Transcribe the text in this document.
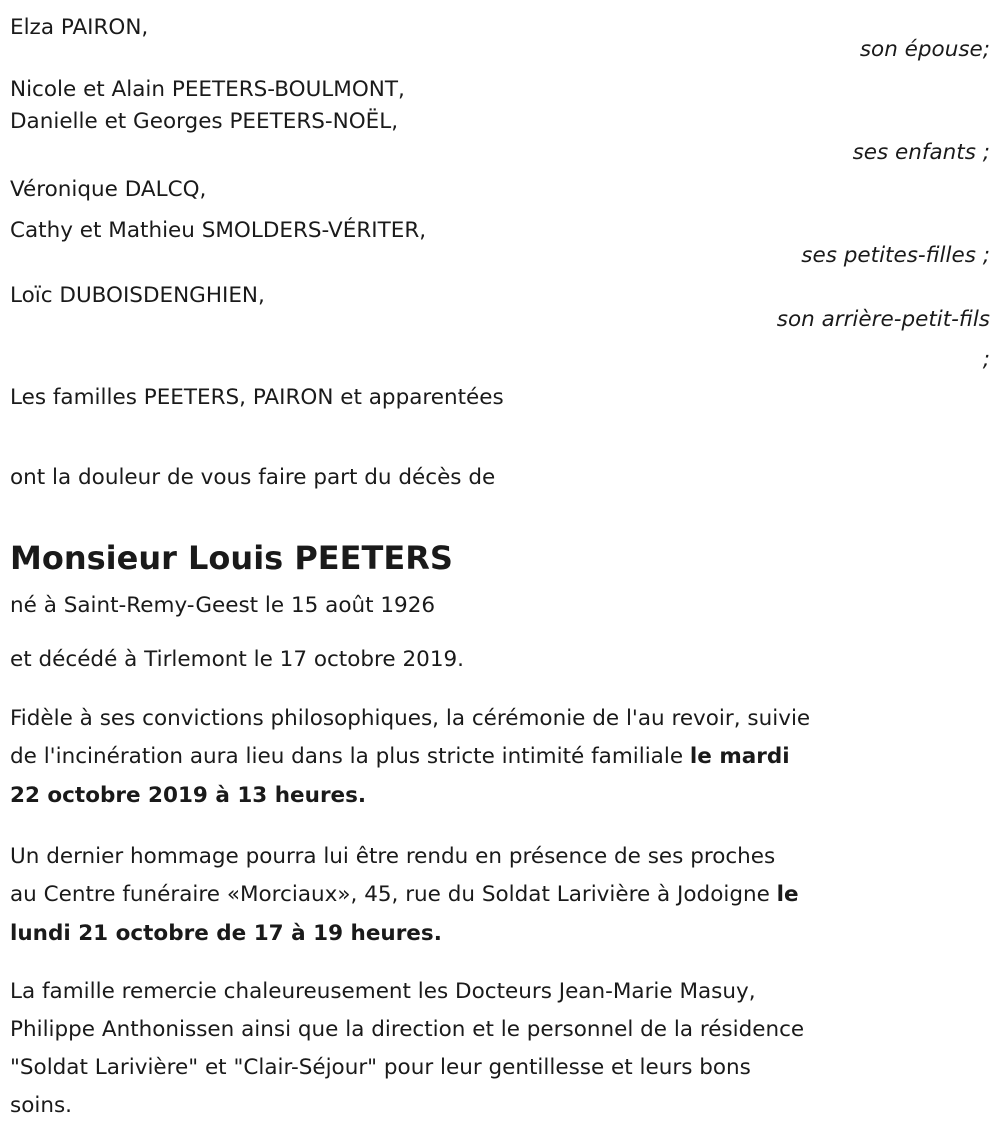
Elza PAIRON,
son épouse;
Nicole et Alain PEETERS-BOULMONT,
Danielle et Georges PEETERS-NOËL,
ses enfants ;
Véronique DALCQ,
Cathy et Mathieu SMOLDERS-VÉRITER,
ses petites-filles ;
Loïc DUBOISDENGHIEN,
son arrière-petit-fils
;
Les familles PEETERS, PAIRON et apparentées
ont la douleur de vous faire part du décès de
Monsieur Louis PEETERS
né à Saint-Remy-Geest le 15 août 1926
et décédé à Tirlemont le 17 octobre 2019.
Fidèle à ses convictions philosophiques, la cérémonie de l'au revoir, suivie
de l'incinération aura lieu dans la plus stricte intimité familiale le mardi
22 octobre 2019 à 13 heures.
Un dernier hommage pourra lui être rendu en présence de ses proches
au Centre funéraire «Morciaux», 45, rue du Soldat Larivière à Jodoigne le
lundi 21 octobre de 17 à 19 heures.
La famille remercie chaleureusement les Docteurs Jean-Marie Masuy,
Philippe Anthonissen ainsi que la direction et le personnel de la résidence
"Soldat Larivière" et "Clair-Séjour" pour leur gentillesse et leurs bons
soins.
